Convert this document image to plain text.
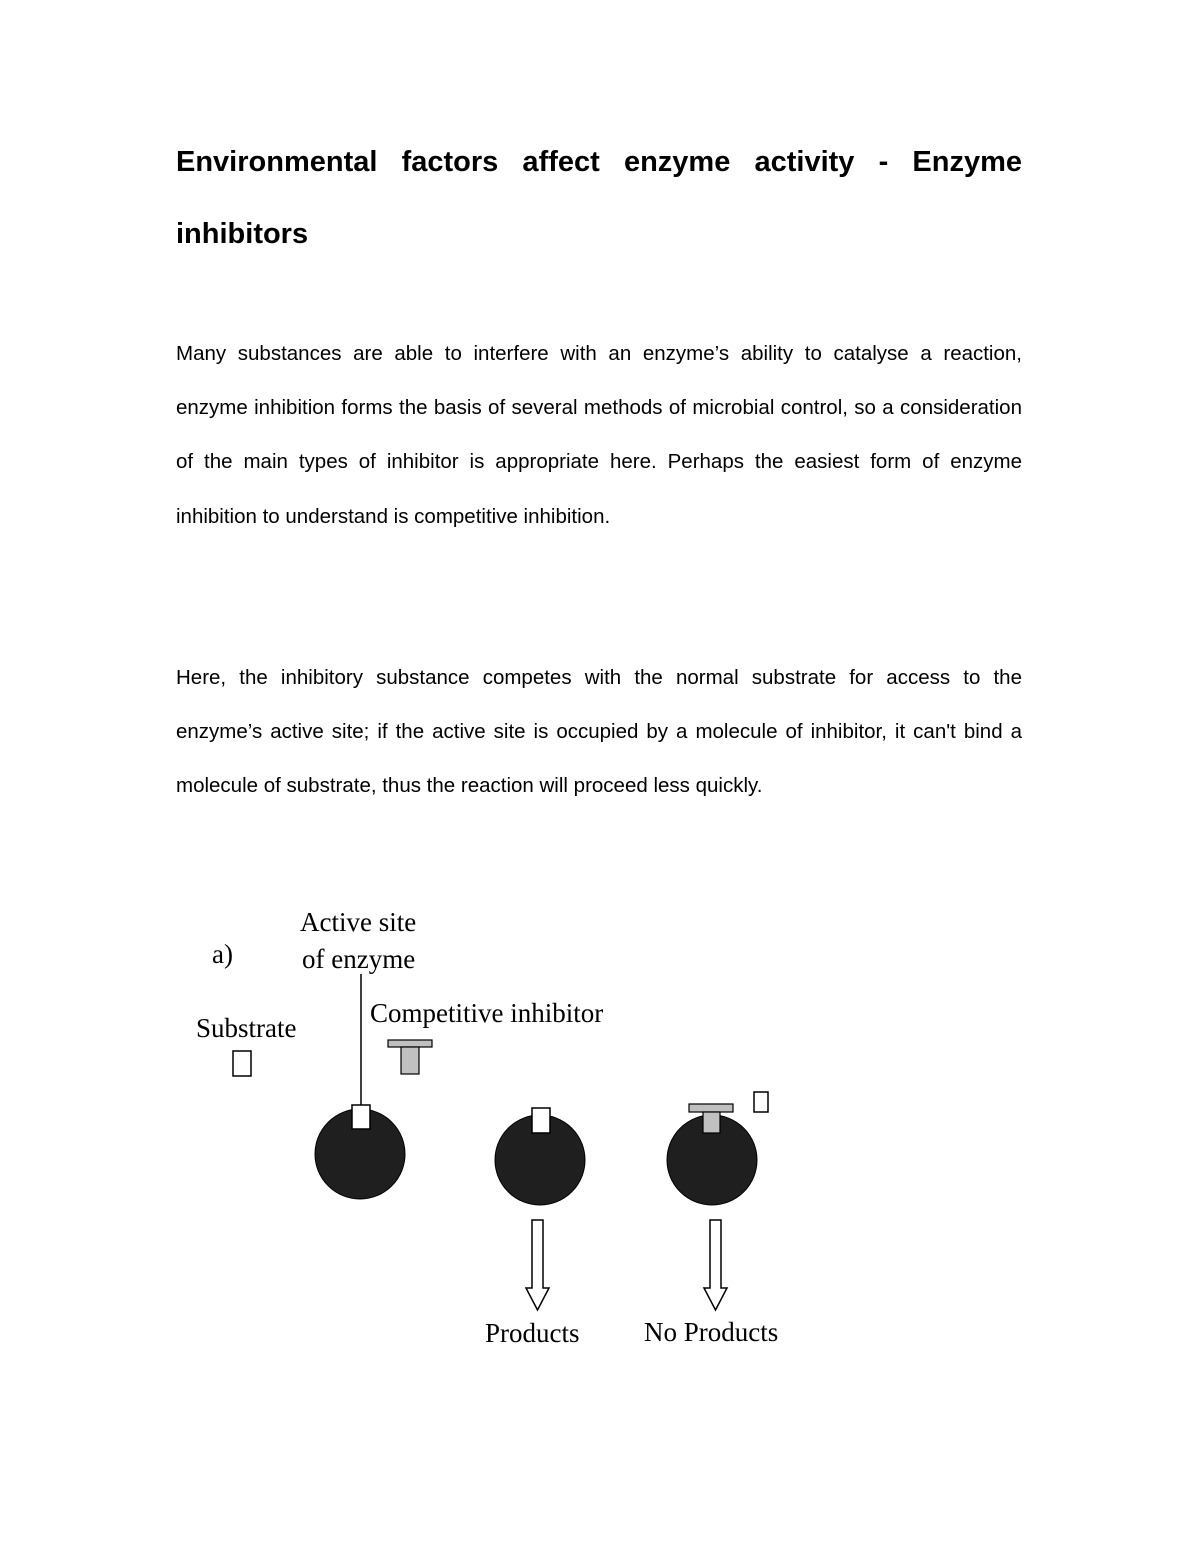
Environmental factors affect enzyme activity - Enzyme inhibitors

Many substances are able to interfere with an enzyme’s ability to catalyse a reaction, enzyme inhibition forms the basis of several methods of microbial control, so a consideration of the main types of inhibitor is appropriate here. Perhaps the easiest form of enzyme inhibition to understand is competitive inhibition.

Here, the inhibitory substance competes with the normal substrate for access to the enzyme’s active site; if the active site is occupied by a molecule of inhibitor, it can't bind a molecule of substrate, thus the reaction will proceed less quickly.

a)
Active site
of enzyme
Substrate	Competitive inhibitor
Products No Products
